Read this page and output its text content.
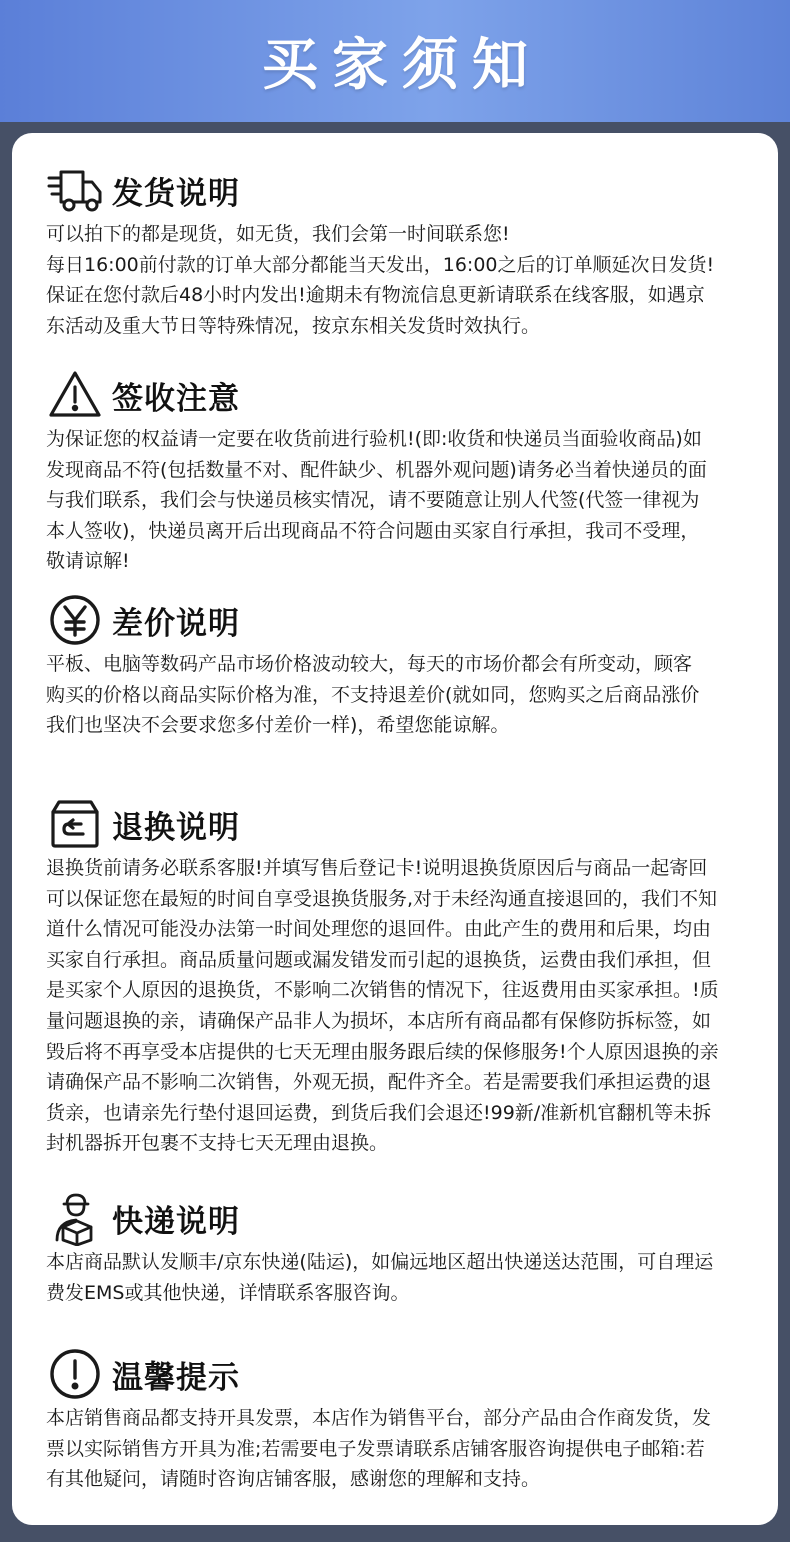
买家须知
发货说明

可以拍下的都是现货，如无货，我们会第一时间联系您!
每日16:00前付款的订单大部分都能当天发出，16:00之后的订单顺延次日发货!
保证在您付款后48小时内发出!逾期未有物流信息更新请联系在线客服，如遇京
东活动及重大节日等特殊情况，按京东相关发货时效执行。

签收注意

为保证您的权益请一定要在收货前进行验机!(即:收货和快递员当面验收商品)如
发现商品不符(包括数量不对、配件缺少、机器外观问题)请务必当着快递员的面
与我们联系，我们会与快递员核实情况，请不要随意让别人代签(代签一律视为
本人签收)，快递员离开后出现商品不符合问题由买家自行承担，我司不受理，
敬请谅解!

差价说明

平板、电脑等数码产品市场价格波动较大，每天的市场价都会有所变动，顾客
购买的价格以商品实际价格为准，不支持退差价(就如同，您购买之后商品涨价
我们也坚决不会要求您多付差价一样)，希望您能谅解。

退换说明

退换货前请务必联系客服!并填写售后登记卡!说明退换货原因后与商品一起寄回
可以保证您在最短的时间自享受退换货服务,对于未经沟通直接退回的，我们不知
道什么情况可能没办法第一时间处理您的退回件。由此产生的费用和后果，均由
买家自行承担。商品质量问题或漏发错发而引起的退换货，运费由我们承担，但
是买家个人原因的退换货，不影响二次销售的情况下，往返费用由买家承担。!质
量问题退换的亲，请确保产品非人为损坏，本店所有商品都有保修防拆标签，如
毁后将不再享受本店提供的七天无理由服务跟后续的保修服务!个人原因退换的亲
请确保产品不影响二次销售，外观无损，配件齐全。若是需要我们承担运费的退
货亲，也请亲先行垫付退回运费，到货后我们会退还!99新/准新机官翻机等未拆
封机器拆开包裹不支持七天无理由退换。

快递说明

本店商品默认发顺丰/京东快递(陆运)，如偏远地区超出快递送达范围，可自理运
费发EMS或其他快递，详情联系客服咨询。

温馨提示

本店销售商品都支持开具发票，本店作为销售平台，部分产品由合作商发货，发
票以实际销售方开具为准;若需要电子发票请联系店铺客服咨询提供电子邮箱:若
有其他疑问，请随时咨询店铺客服，感谢您的理解和支持。
